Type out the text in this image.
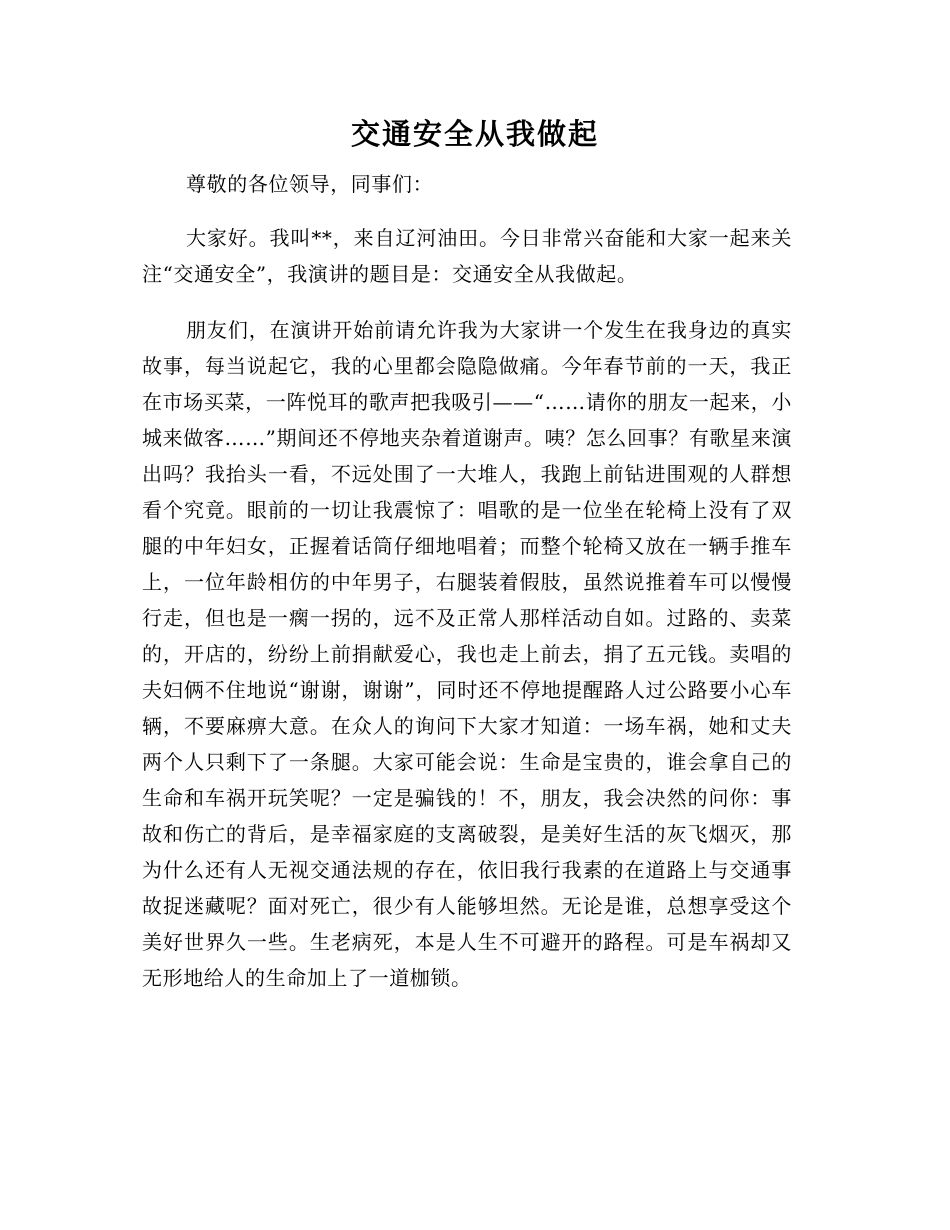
交通安全从我做起

尊敬的各位领导，同事们：

大家好。我叫**，来自辽河油田。今日非常兴奋能和大家一起来关注“交通安全”，我演讲的题目是：交通安全从我做起。

朋友们，在演讲开始前请允许我为大家讲一个发生在我身边的真实故事，每当说起它，我的心里都会隐隐做痛。今年春节前的一天，我正在市场买菜，一阵悦耳的歌声把我吸引——“……请你的朋友一起来，小城来做客……”期间还不停地夹杂着道谢声。咦？怎么回事？有歌星来演出吗？我抬头一看，不远处围了一大堆人，我跑上前钻进围观的人群想看个究竟。眼前的一切让我震惊了：唱歌的是一位坐在轮椅上没有了双腿的中年妇女，正握着话筒仔细地唱着；而整个轮椅又放在一辆手推车上，一位年龄相仿的中年男子，右腿装着假肢，虽然说推着车可以慢慢行走，但也是一瘸一拐的，远不及正常人那样活动自如。过路的、卖菜的，开店的，纷纷上前捐献爱心，我也走上前去，捐了五元钱。卖唱的夫妇俩不住地说“谢谢，谢谢”，同时还不停地提醒路人过公路要小心车辆，不要麻痹大意。在众人的询问下大家才知道：一场车祸，她和丈夫两个人只剩下了一条腿。大家可能会说：生命是宝贵的，谁会拿自己的生命和车祸开玩笑呢？一定是骗钱的！不，朋友，我会决然的问你：事故和伤亡的背后，是幸福家庭的支离破裂，是美好生活的灰飞烟灭，那为什么还有人无视交通法规的存在，依旧我行我素的在道路上与交通事故捉迷藏呢？面对死亡，很少有人能够坦然。无论是谁，总想享受这个美好世界久一些。生老病死，本是人生不可避开的路程。可是车祸却又无形地给人的生命加上了一道枷锁。
